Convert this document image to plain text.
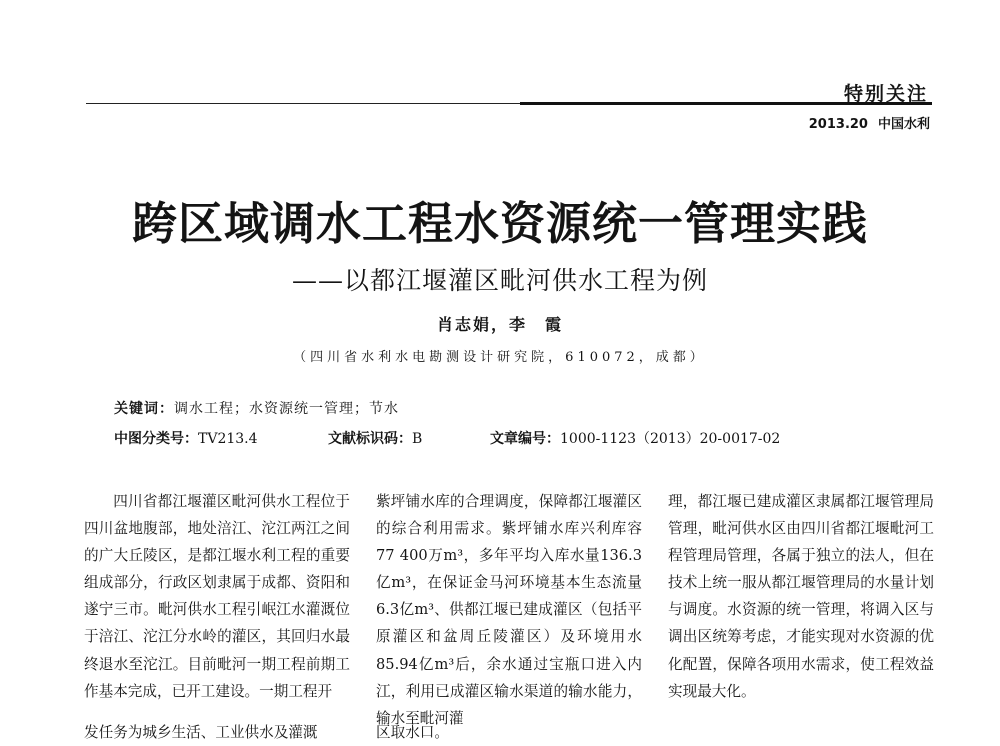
特别关注
2013.20 中国水利
跨区域调水工程水资源统一管理实践
——以都江堰灌区毗河供水工程为例
肖志娟，李　霞
（四川省水利水电勘测设计研究院，610072，成都）
关键词：调水工程；水资源统一管理；节水
中图分类号：TV213.4	文献标识码：B	文章编号：1000-1123（2013）20-0017-02

四川省都江堰灌区毗河供水工程位于四川盆地腹部，地处涪江、沱江两江之间的广大丘陵区，是都江堰水利工程的重要组成部分，行政区划隶属于成都、资阳和遂宁三市。毗河供水工程引岷江水灌溉位于涪江、沱江分水岭的灌区，其回归水最终退水至沱江。目前毗河一期工程前期工作基本完成，已开工建设。一期工程开

发任务为城乡生活、工业供水及灌溉

紫坪铺水库的合理调度，保障都江堰灌区的综合利用需求。紫坪铺水库兴利库容77 400万m³，多年平均入库水量136.3亿m³，在保证金马河环境基本生态流量6.3亿m³、供都江堰已建成灌区（包括平原灌区和盆周丘陵灌区）及环境用水85.94亿m³后，余水通过宝瓶口进入内江，利用已成灌区输水渠道的输水能力，输水至毗河灌

区取水口。

理，都江堰已建成灌区隶属都江堰管理局管理，毗河供水区由四川省都江堰毗河工程管理局管理，各属于独立的法人，但在技术上统一服从都江堰管理局的水量计划与调度。水资源的统一管理，将调入区与调出区统筹考虑，才能实现对水资源的优化配置，保障各项用水需求，使工程效益实现最大化。
